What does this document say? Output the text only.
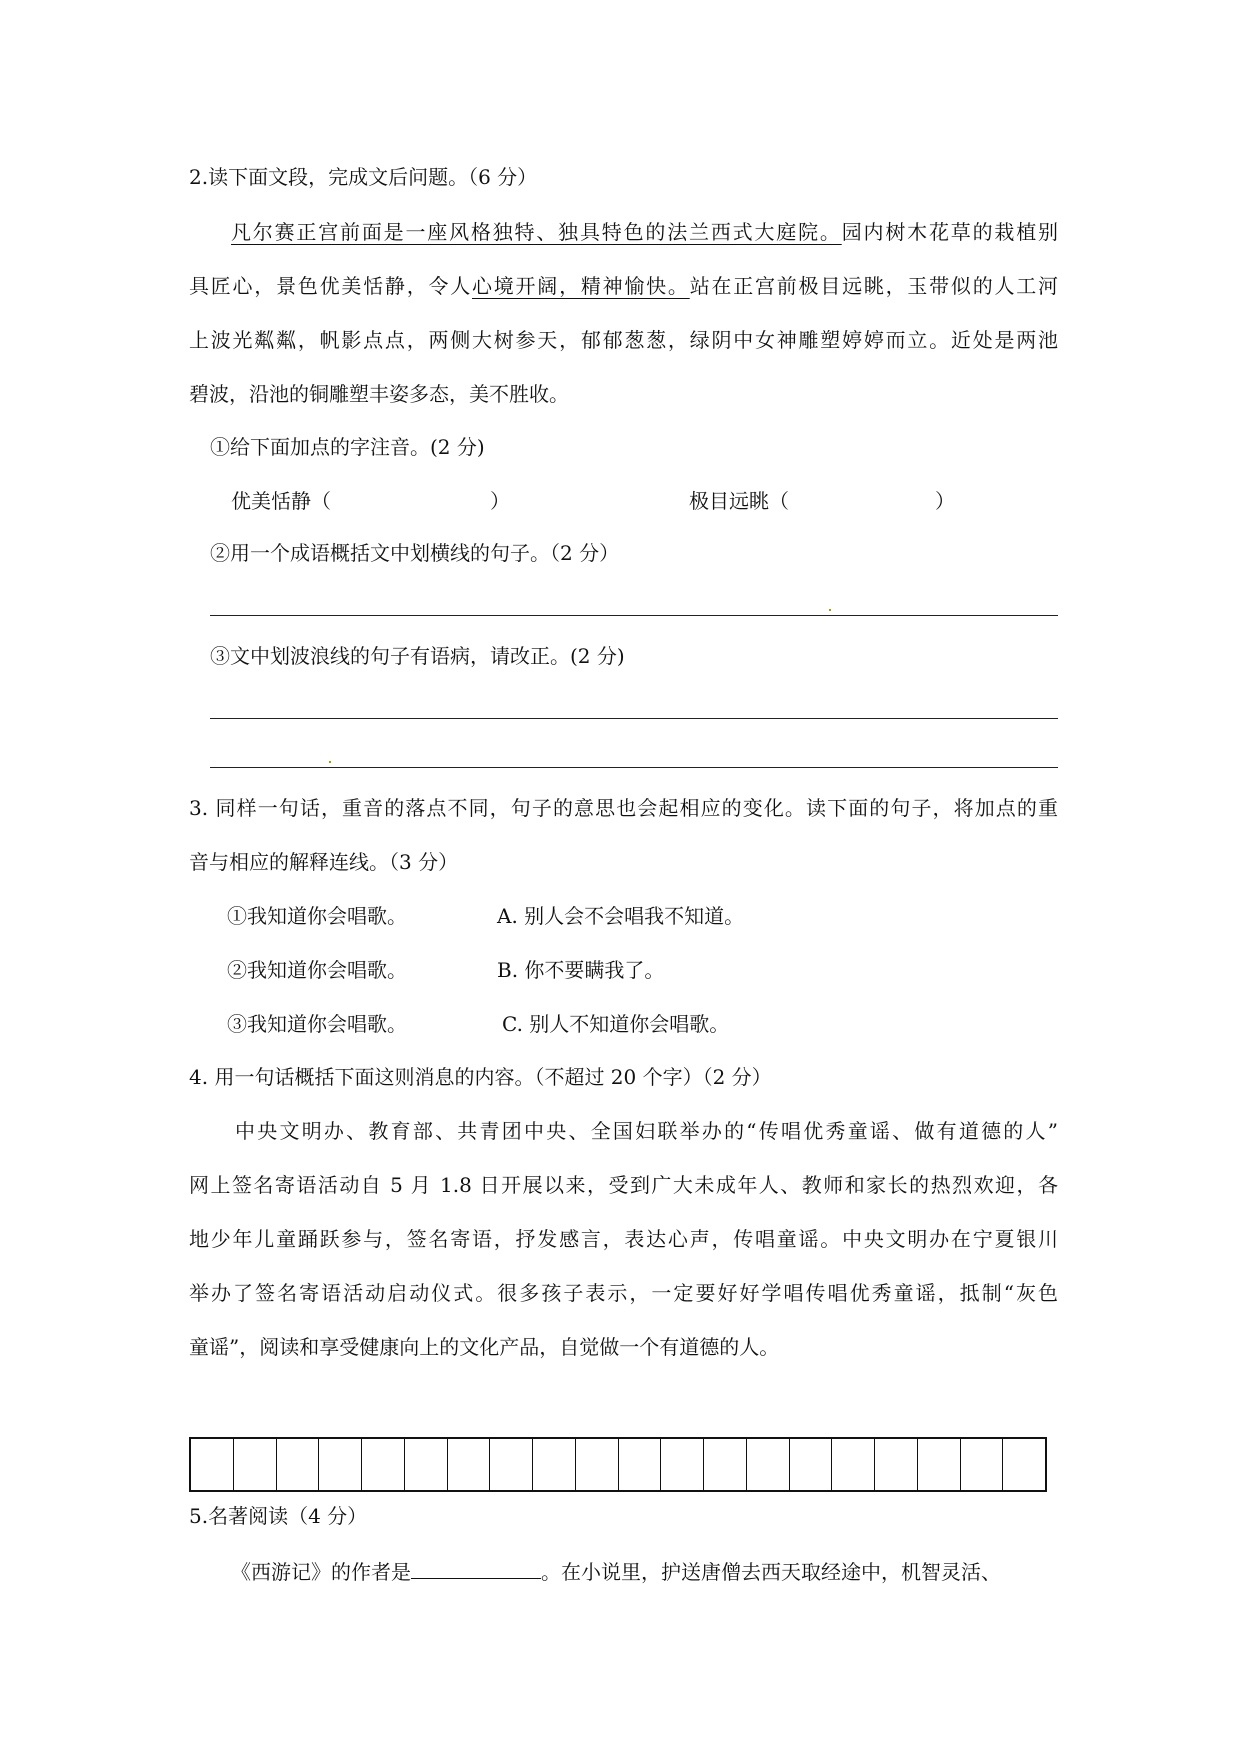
2.读下面文段，完成文后问题。（6 分）
凡尔赛正宫前面是一座风格独特、独具特色的法兰西式大庭院。园内树木花草的栽植别
具匠心，景色优美恬静，令人心境开阔，精神愉快。站在正宫前极目远眺，玉带似的人工河
上波光粼粼，帆影点点，两侧大树参天，郁郁葱葱，绿阴中女神雕塑婷婷而立。近处是两池
碧波，沿池的铜雕塑丰姿多态，美不胜收。
①给下面加点的字注音。(2 分)
优美恬静（	）	极目远眺（	）
②用一个成语概括文中划横线的句子。（2 分）
③文中划波浪线的句子有语病，请改正。(2 分)
3. 同样一句话，重音的落点不同，句子的意思也会起相应的变化。读下面的句子，将加点的重
音与相应的解释连线。（3 分）
①我知道你会唱歌。	A. 别人会不会唱我不知道。
②我知道你会唱歌。	B. 你不要瞒我了。
③我知道你会唱歌。	C. 别人不知道你会唱歌。
4. 用一句话概括下面这则消息的内容。（不超过 20 个字）（2 分）
中央文明办、教育部、共青团中央、全国妇联举办的“传唱优秀童谣、做有道德的人”
网上签名寄语活动自 5 月 1.8 日开展以来，受到广大未成年人、教师和家长的热烈欢迎，各
地少年儿童踊跃参与，签名寄语，抒发感言，表达心声，传唱童谣。中央文明办在宁夏银川
举办了签名寄语活动启动仪式。很多孩子表示，一定要好好学唱传唱优秀童谣，抵制“灰色
童谣”，阅读和享受健康向上的文化产品，自觉做一个有道德的人。
5.名著阅读（4 分）
《西游记》的作者是	。在小说里，护送唐僧去西天取经途中，机智灵活、
